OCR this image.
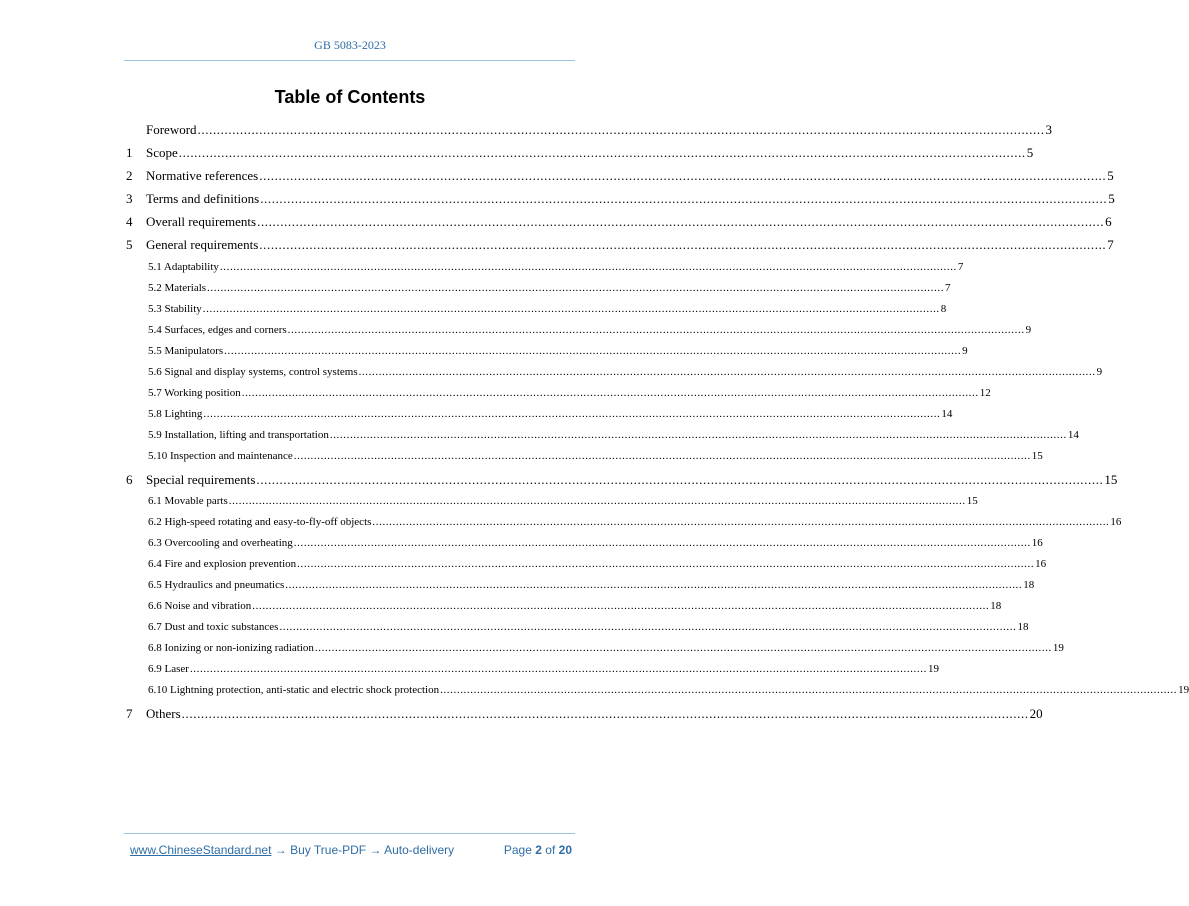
GB 5083-2023
Table of Contents
Foreword ............................................................................................................................................................................................................................ 3
1	Scope ............................................................................................................................................................................................................................ 5
2	Normative references ............................................................................................................................................................................................................................ 5
3	Terms and definitions ............................................................................................................................................................................................................................ 5
4	Overall requirements ............................................................................................................................................................................................................................ 6
5	General requirements ............................................................................................................................................................................................................................ 7
5.1 Adaptability ............................................................................................................................................................................................................................ 7
5.2 Materials ............................................................................................................................................................................................................................ 7
5.3 Stability ............................................................................................................................................................................................................................ 8
5.4 Surfaces, edges and corners ............................................................................................................................................................................................................................ 9
5.5 Manipulators ............................................................................................................................................................................................................................ 9
5.6 Signal and display systems, control systems ............................................................................................................................................................................................................................ 9
5.7 Working position ............................................................................................................................................................................................................................ 12
5.8 Lighting ............................................................................................................................................................................................................................ 14
5.9 Installation, lifting and transportation ............................................................................................................................................................................................................................ 14
5.10 Inspection and maintenance ............................................................................................................................................................................................................................ 15
6	Special requirements ............................................................................................................................................................................................................................ 15
6.1 Movable parts ............................................................................................................................................................................................................................ 15
6.2 High-speed rotating and easy-to-fly-off objects ............................................................................................................................................................................................................................ 16
6.3 Overcooling and overheating ............................................................................................................................................................................................................................ 16
6.4 Fire and explosion prevention ............................................................................................................................................................................................................................ 16
6.5 Hydraulics and pneumatics ............................................................................................................................................................................................................................ 18
6.6 Noise and vibration ............................................................................................................................................................................................................................ 18
6.7 Dust and toxic substances ............................................................................................................................................................................................................................ 18
6.8 Ionizing or non-ionizing radiation ............................................................................................................................................................................................................................ 19
6.9 Laser ............................................................................................................................................................................................................................ 19
6.10 Lightning protection, anti-static and electric shock protection ............................................................................................................................................................................................................................ 19
7	Others ............................................................................................................................................................................................................................ 20
www.ChineseStandard.net → Buy True-PDF → Auto-delivery	Page 2 of 20
